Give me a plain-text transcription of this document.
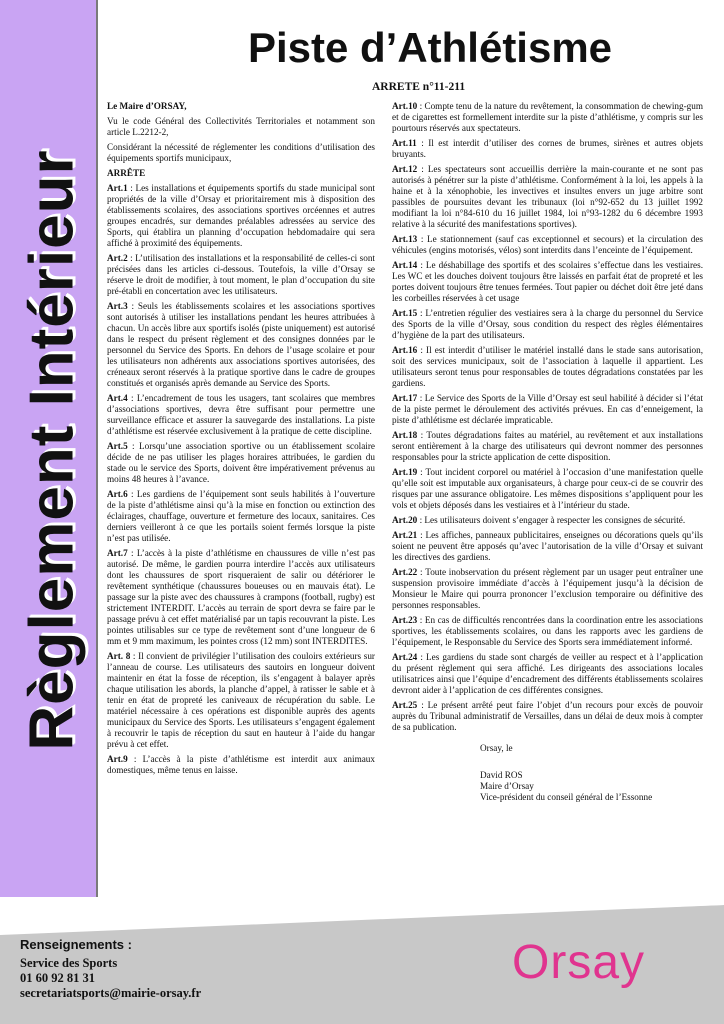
Règlement Intérieur
Piste d’Athlétisme
ARRETE n°11-211

Le Maire d’ORSAY,

Vu le code Général des Collectivités Territoriales et notamment son article L.2212-2,

Considérant la nécessité de réglementer les conditions d’utilisation des équipements sportifs municipaux,

ARRÊTE

Art.1 : Les installations et équipements sportifs du stade municipal sont propriétés de la ville d’Orsay et prioritairement mis à disposition des établissements scolaires, des associations sportives orcéennes et autres groupes encadrés, sur demandes préalables adressées au service des Sports, qui établira un planning d’occupation hebdomadaire qui sera affiché à proximité des équipements.

Art.2 : L’utilisation des installations et la responsabilité de celles-ci sont précisées dans les articles ci-dessous. Toutefois, la ville d’Orsay se réserve le droit de modifier, à tout moment, le plan d’occupation du site pré-établi en concertation avec les utilisateurs.

Art.3 : Seuls les établissements scolaires et les associations sportives sont autorisés à utiliser les installations pendant les heures attribuées à chacun. Un accès libre aux sportifs isolés (piste uniquement) est autorisé dans le respect du présent règlement et des consignes données par le personnel du Service des Sports. En dehors de l’usage scolaire et pour les utilisateurs non adhérents aux associations sportives autorisées, des créneaux seront réservés à la pratique sportive dans le cadre de groupes constitués et organisés après demande au Service des Sports.

Art.4 : L’encadrement de tous les usagers, tant scolaires que membres d’associations sportives, devra être suffisant pour permettre une surveillance efficace et assurer la sauvegarde des installations. La piste d’athlétisme est réservée exclusivement à la pratique de cette discipline.

Art.5 : Lorsqu’une association sportive ou un établissement scolaire décide de ne pas utiliser les plages horaires attribuées, le gardien du stade ou le service des Sports, doivent être impérativement prévenus au moins 48 heures à l’avance.

Art.6 : Les gardiens de l’équipement sont seuls habilités à l’ouverture de la piste d’athlétisme ainsi qu’à la mise en fonction ou extinction des éclairages, chauffage, ouverture et fermeture des locaux, sanitaires. Ces derniers veilleront à ce que les portails soient fermés lorsque la piste n’est pas utilisée.

Art.7 : L’accès à la piste d’athlétisme en chaussures de ville n’est pas autorisé. De même, le gardien pourra interdire l’accès aux utilisateurs dont les chaussures de sport risqueraient de salir ou détériorer le revêtement synthétique (chaussures boueuses ou en mauvais état). Le passage sur la piste avec des chaussures à crampons (football, rugby) est strictement INTERDIT. L’accès au terrain de sport devra se faire par le passage prévu à cet effet matérialisé par un tapis recouvrant la piste. Les pointes utilisables sur ce type de revêtement sont d’une longueur de 6 mm et 9 mm maximum, les pointes cross (12 mm) sont INTERDITES.

Art. 8 : Il convient de privilégier l’utilisation des couloirs extérieurs sur l’anneau de course. Les utilisateurs des sautoirs en longueur doivent maintenir en état la fosse de réception, ils s’engagent à balayer après chaque utilisation les abords, la planche d’appel, à ratisser le sable et à tenir en état de propreté les caniveaux de récupération du sable. Le matériel nécessaire à ces opérations est disponible auprès des agents municipaux du Service des Sports. Les utilisateurs s’engagent également à recouvrir le tapis de réception du saut en hauteur à l’aide du hangar prévu à cet effet.

Art.9 : L’accès à la piste d’athlétisme est interdit aux animaux domestiques, même tenus en laisse.

Art.10 : Compte tenu de la nature du revêtement, la consommation de chewing-gum et de cigarettes est formellement interdite sur la piste d’athlétisme, y compris sur les pourtours réservés aux spectateurs.

Art.11 : Il est interdit d’utiliser des cornes de brumes, sirènes et autres objets bruyants.

Art.12 : Les spectateurs sont accueillis derrière la main-courante et ne sont pas autorisés à pénétrer sur la piste d’athlétisme. Conformément à la loi, les appels à la haine et à la xénophobie, les invectives et insultes envers un juge arbitre sont passibles de poursuites devant les tribunaux (loi n°92-652 du 13 juillet 1992 modifiant la loi n°84-610 du 16 juillet 1984, loi n°93-1282 du 6 décembre 1993 relative à la sécurité des manifestations sportives).

Art.13 : Le stationnement (sauf cas exceptionnel et secours) et la circulation des véhicules (engins motorisés, vélos) sont interdits dans l’enceinte de l’équipement.

Art.14 : Le déshabillage des sportifs et des scolaires s’effectue dans les vestiaires. Les WC et les douches doivent toujours être laissés en parfait état de propreté et les portes doivent toujours être tenues fermées. Tout papier ou déchet doit être jeté dans les corbeilles réservées à cet usage

Art.15 : L’entretien régulier des vestiaires sera à la charge du personnel du Service des Sports de la ville d’Orsay, sous condition du respect des règles élémentaires d’hygiène de la part des utilisateurs.

Art.16 : Il est interdit d’utiliser le matériel installé dans le stade sans autorisation, soit des services municipaux, soit de l’association à laquelle il appartient. Les utilisateurs seront tenus pour responsables de toutes dégradations constatées par les gardiens.

Art.17 : Le Service des Sports de la Ville d’Orsay est seul habilité à décider si l’état de la piste permet le déroulement des activités prévues. En cas d’enneigement, la piste d’athlétisme est déclarée impraticable.

Art.18 : Toutes dégradations faites au matériel, au revêtement et aux installations seront entièrement à la charge des utilisateurs qui devront nommer des personnes responsables pour la stricte application de cette disposition.

Art.19 : Tout incident corporel ou matériel à l’occasion d’une manifestation quelle qu’elle soit est imputable aux organisateurs, à charge pour ceux-ci de se couvrir des risques par une assurance obligatoire. Les mêmes dispositions s’appliquent pour les vols et objets déposés dans les vestiaires et à l’intérieur du stade.

Art.20 : Les utilisateurs doivent s’engager à respecter les consignes de sécurité.

Art.21 : Les affiches, panneaux publicitaires, enseignes ou décorations quels qu’ils soient ne peuvent être apposés qu’avec l’autorisation de la ville d’Orsay et suivant les directives des gardiens.

Art.22 : Toute inobservation du présent règlement par un usager peut entraîner une suspension provisoire immédiate d’accès à l’équipement jusqu’à la décision de Monsieur le Maire qui pourra prononcer l’exclusion temporaire ou définitive des personnes responsables.

Art.23 : En cas de difficultés rencontrées dans la coordination entre les associations sportives, les établissements scolaires, ou dans les rapports avec les gardiens de l’équipement, le Responsable du Service des Sports sera immédiatement informé.

Art.24 : Les gardiens du stade sont chargés de veiller au respect et à l’application du présent règlement qui sera affiché. Les dirigeants des associations locales utilisatrices ainsi que l’équipe d’encadrement des différents établissements scolaires devront aider à l’application de ces différentes consignes.

Art.25 : Le présent arrêté peut faire l’objet d’un recours pour excès de pouvoir auprès du Tribunal administratif de Versailles, dans un délai de deux mois à compter de sa publication.

Orsay, le
David ROS
Maire d’Orsay
Vice-président du conseil général de l’Essonne
Renseignements :
Service des Sports
01 60 92 81 31
secretariatsports@mairie-orsay.fr
Orsay
